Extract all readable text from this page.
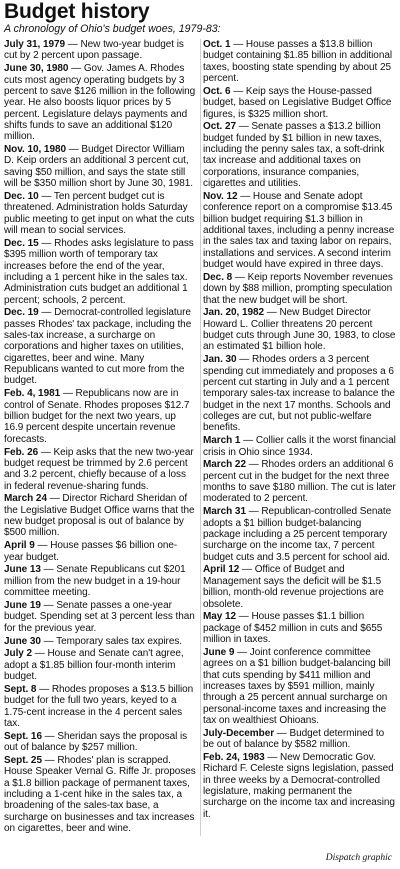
Budget history

A chronology of Ohio's budget woes, 1979-83:

July 31, 1979 — New two-year budget is cut by 2 percent upon passage.

June 30, 1980 — Gov. James A. Rhodes cuts most agency operating budgets by 3 percent to save $126 million in the following year. He also boosts liquor prices by 5 percent. Legislature delays payments and shifts funds to save an additional $120 million.

Nov. 10, 1980 — Budget Director William D. Keip orders an additional 3 percent cut, saving $50 million, and says the state still will be $350 million short by June 30, 1981.

Dec. 10 — Ten percent budget cut is threatened. Administration holds Saturday public meeting to get input on what the cuts will mean to social services.

Dec. 15 — Rhodes asks legislature to pass $395 million worth of temporary tax increases before the end of the year, including a 1 percent hike in the sales tax. Administration cuts budget an additional 1 percent; schools, 2 percent.

Dec. 19 — Democrat-controlled legislature passes Rhodes' tax package, including the sales-tax increase, a surcharge on corporations and higher taxes on utilities, cigarettes, beer and wine. Many Republicans wanted to cut more from the budget.

Feb. 4, 1981 — Republicans now are in control of Senate. Rhodes proposes $12.7 billion budget for the next two years, up 16.9 percent despite uncertain revenue forecasts.

Feb. 26 — Keip asks that the new two-year budget request be trimmed by 2.6 percent and 3.2 percent, chiefly because of a loss in federal revenue-sharing funds.

March 24 — Director Richard Sheridan of the Legislative Budget Office warns that the new budget proposal is out of balance by $500 million.

April 9 — House passes $6 billion one-year budget.

June 13 — Senate Republicans cut $201 million from the new budget in a 19-hour committee meeting.

June 19 — Senate passes a one-year budget. Spending set at 3 percent less than for the previous year.

June 30 — Temporary sales tax expires.

July 2 — House and Senate can't agree, adopt a $1.85 billion four-month interim budget.

Sept. 8 — Rhodes proposes a $13.5 billion budget for the full two years, keyed to a 1.75-cent increase in the 4 percent sales tax.

Sept. 16 — Sheridan says the proposal is out of balance by $257 million.

Sept. 25 — Rhodes' plan is scrapped. House Speaker Vernal G. Riffe Jr. proposes a $1.8 billion package of permanent taxes, including a 1-cent hike in the sales tax, a broadening of the sales-tax base, a surcharge on businesses and tax increases on cigarettes, beer and wine.

Oct. 1 — House passes a $13.8 billion budget containing $1.85 billion in additional taxes, boosting state spending by about 25 percent.

Oct. 6 — Keip says the House-passed budget, based on Legislative Budget Office figures, is $325 million short.

Oct. 27 — Senate passes a $13.2 billion budget funded by $1 billion in new taxes, including the penny sales tax, a soft-drink tax increase and additional taxes on corporations, insurance companies, cigarettes and utilities.

Nov. 12 — House and Senate adopt conference report on a compromise $13.45 billion budget requiring $1.3 billion in additional taxes, including a penny increase in the sales tax and taxing labor on repairs, installations and services. A second interim budget would have expired in three days.

Dec. 8 — Keip reports November revenues down by $88 million, prompting speculation that the new budget will be short.

Jan. 20, 1982 — New Budget Director Howard L. Collier threatens 20 percent budget cuts through June 30, 1983, to close an estimated $1 billion hole.

Jan. 30 — Rhodes orders a 3 percent spending cut immediately and proposes a 6 percent cut starting in July and a 1 percent temporary sales-tax increase to balance the budget in the next 17 months. Schools and colleges are cut, but not public-welfare benefits.

March 1 — Collier calls it the worst financial crisis in Ohio since 1934.

March 22 — Rhodes orders an additional 6 percent cut in the budget for the next three months to save $180 million. The cut is later moderated to 2 percent.

March 31 — Republican-controlled Senate adopts a $1 billion budget-balancing package including a 25 percent temporary surcharge on the income tax, 7 percent budget cuts and 3.5 percent for school aid.

April 12 — Office of Budget and Management says the deficit will be $1.5 billion, month-old revenue projections are obsolete.

May 12 — House passes $1.1 billion package of $452 million in cuts and $655 million in taxes.

June 9 — Joint conference committee agrees on a $1 billion budget-balancing bill that cuts spending by $411 million and increases taxes by $591 million, mainly through a 25 percent annual surcharge on personal-income taxes and increasing the tax on wealthiest Ohioans.

July-December — Budget determined to be out of balance by $582 million.

Feb. 24, 1983 — New Democratic Gov. Richard F. Celeste signs legislation, passed in three weeks by a Democrat-controlled legislature, making permanent the surcharge on the income tax and increasing it.

Dispatch graphic
